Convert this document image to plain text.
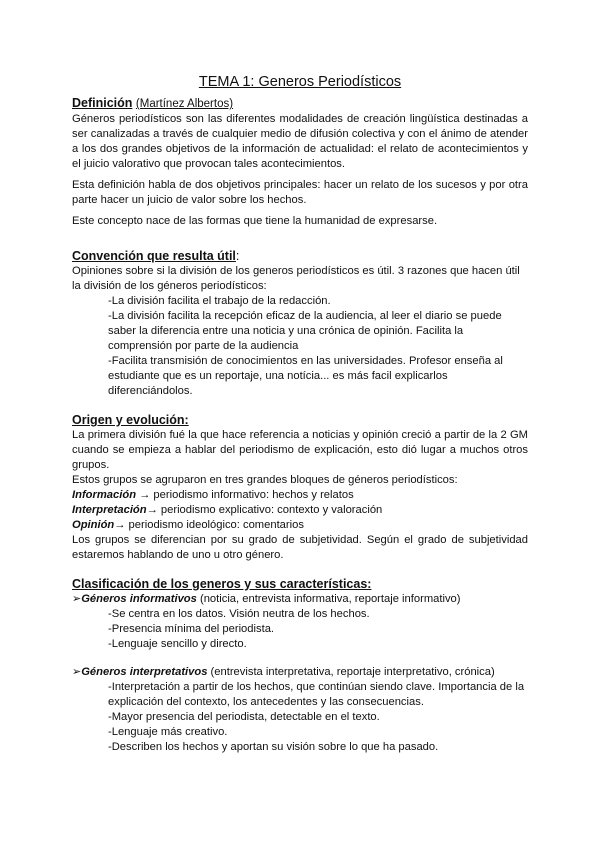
TEMA 1: Generos Periodísticos

Definición (Martínez Albertos)

Géneros periodísticos son las diferentes modalidades de creación lingüística destinadas a ser canalizadas a través de cualquier medio de difusión colectiva y con el ánimo de atender a los dos grandes objetivos de la información de actualidad: el relato de acontecimientos y el juicio valorativo que provocan tales acontecimientos.

Esta definición habla de dos objetivos principales: hacer un relato de los sucesos y por otra parte hacer un juicio de valor sobre los hechos.

Este concepto nace de las formas que tiene la humanidad de expresarse.

Convención que resulta útil:

Opiniones sobre si la división de los generos periodísticos es útil. 3 razones que hacen útil la división de los géneros periodísticos:

-La división facilita el trabajo de la redacción.

-La división facilita la recepción eficaz de la audiencia, al leer el diario se puede saber la diferencia entre una noticia y una crónica de opinión. Facilita la comprensión por parte de la audiencia

-Facilita transmisión de conocimientos en las universidades. Profesor enseña al estudiante que es un reportaje, una notícia... es más facil explicarlos diferenciándolos.

Origen y evolución:

La primera división fué la que hace referencia a noticias y opinión creció a partir de la 2 GM cuando se empieza a hablar del periodismo de explicación, esto dió lugar a muchos otros grupos.

Estos grupos se agruparon en tres grandes bloques de géneros periodísticos:

Información → periodismo informativo: hechos y relatos

Interpretación→ periodismo explicativo: contexto y valoración

Opinión→ periodismo ideológico: comentarios

Los grupos se diferencian por su grado de subjetividad. Según el grado de subjetividad estaremos hablando de uno u otro género.

Clasificación de los generos y sus características:

➢Géneros informativos (noticia, entrevista informativa, reportaje informativo)

-Se centra en los datos. Visión neutra de los hechos.

-Presencia mínima del periodista.

-Lenguaje sencillo y directo.

➢Géneros interpretativos (entrevista interpretativa, reportaje interpretativo, crónica)

-Interpretación a partir de los hechos, que continúan siendo clave. Importancia de la explicación del contexto, los antecedentes y las consecuencias.

-Mayor presencia del periodista, detectable en el texto.

-Lenguaje más creativo.

-Describen los hechos y aportan su visión sobre lo que ha pasado.
